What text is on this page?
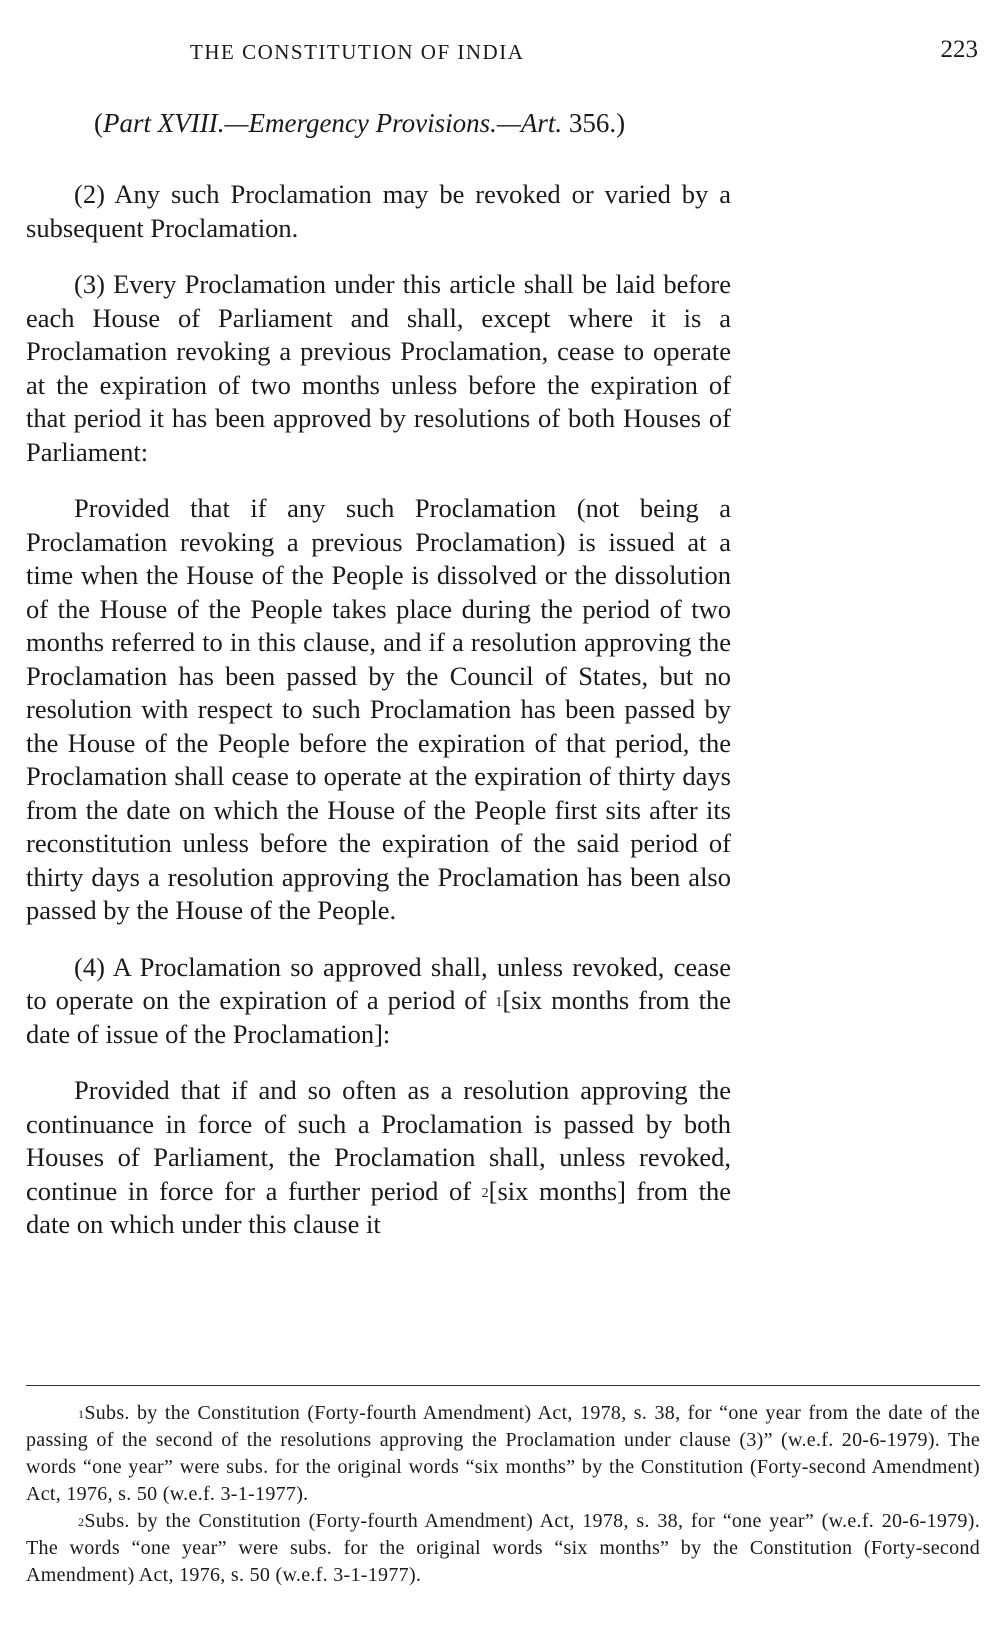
THE CONSTITUTION OF INDIA	223
(Part XVIII.—Emergency Provisions.—Art. 356.)

(2) Any such Proclamation may be revoked or varied by a subsequent Proclamation.

(3) Every Proclamation under this article shall be laid before each House of Parliament and shall, except where it is a Proclamation revoking a previous Proclamation, cease to operate at the expiration of two months unless before the expiration of that period it has been approved by resolutions of both Houses of Parliament:

Provided that if any such Proclamation (not being a Proclamation revoking a previous Proclamation) is issued at a time when the House of the People is dissolved or the dissolution of the House of the People takes place during the period of two months referred to in this clause, and if a resolution approving the Proclamation has been passed by the Council of States, but no resolution with respect to such Proclamation has been passed by the House of the People before the expiration of that period, the Proclamation shall cease to operate at the expiration of thirty days from the date on which the House of the People first sits after its reconstitution unless before the expiration of the said period of thirty days a resolution approving the Proclamation has been also passed by the House of the People.

(4) A Proclamation so approved shall, unless revoked, cease to operate on the expiration of a period of $^1$[six months from the date of issue of the Proclamation]:

Provided that if and so often as a resolution approving the continuance in force of such a Proclamation is passed by both Houses of Parliament, the Proclamation shall, unless revoked, continue in force for a further period of $^2$[six months] from the date on which under this clause it

$^1$Subs. by the Constitution (Forty-fourth Amendment) Act, 1978, s. 38, for “one year from the date of the passing of the second of the resolutions approving the Proclamation under clause (3)” (w.e.f. 20-6-1979). The words “one year” were subs. for the original words “six months” by the Constitution (Forty-second Amendment) Act, 1976, s. 50 (w.e.f. 3-1-1977).

$^2$Subs. by the Constitution (Forty-fourth Amendment) Act, 1978, s. 38, for “one year” (w.e.f. 20-6-1979). The words “one year” were subs. for the original words “six months” by the Constitution (Forty-second Amendment) Act, 1976, s. 50 (w.e.f. 3-1-1977).
